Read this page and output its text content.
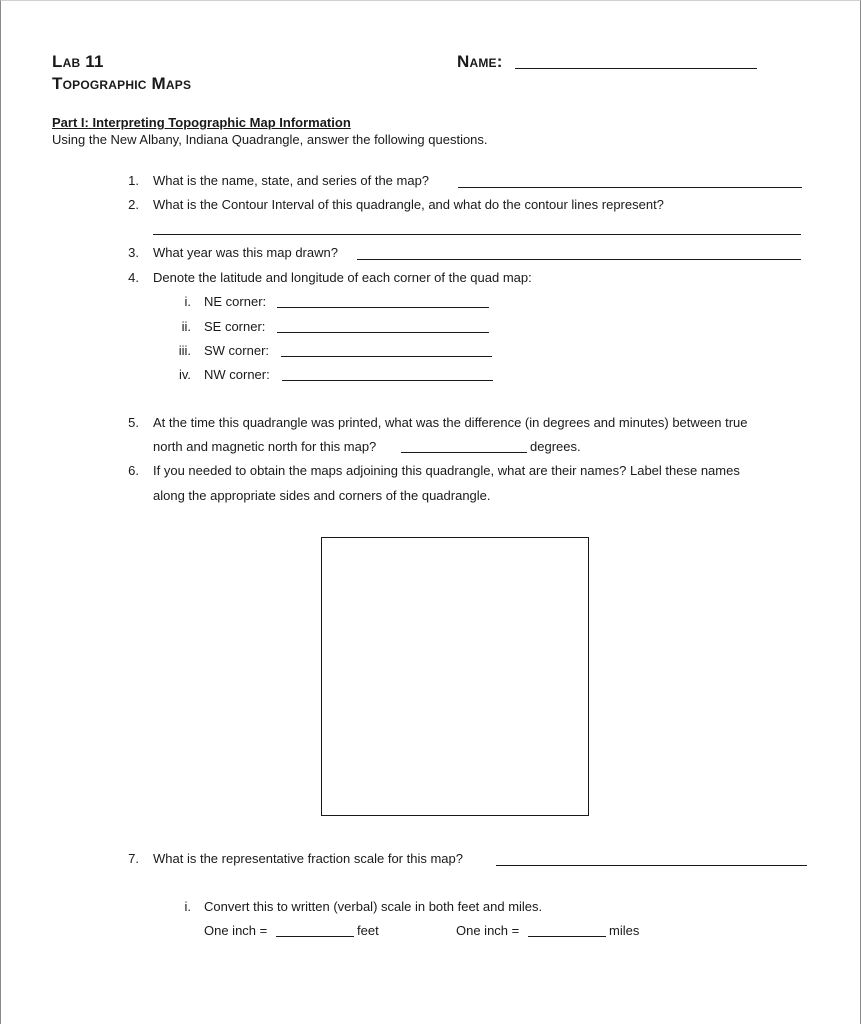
Lab 11
Topographic Maps
Name:
Part I: Interpreting Topographic Map Information
Using the New Albany, Indiana Quadrangle, answer the following questions.
1. What is the name, state, and series of the map?
2. What is the Contour Interval of this quadrangle, and what do the contour lines represent?
3. What year was this map drawn?
4. Denote the latitude and longitude of each corner of the quad map:
i. NE corner:
ii. SE corner:
iii. SW corner:
iv. NW corner:
5. At the time this quadrangle was printed, what was the difference (in degrees and minutes) between true
north and magnetic north for this map?	degrees.
6. If you needed to obtain the maps adjoining this quadrangle, what are their names? Label these names
along the appropriate sides and corners of the quadrangle.
7. What is the representative fraction scale for this map?
i. Convert this to written (verbal) scale in both feet and miles.
One inch =	feet	One inch =	miles
